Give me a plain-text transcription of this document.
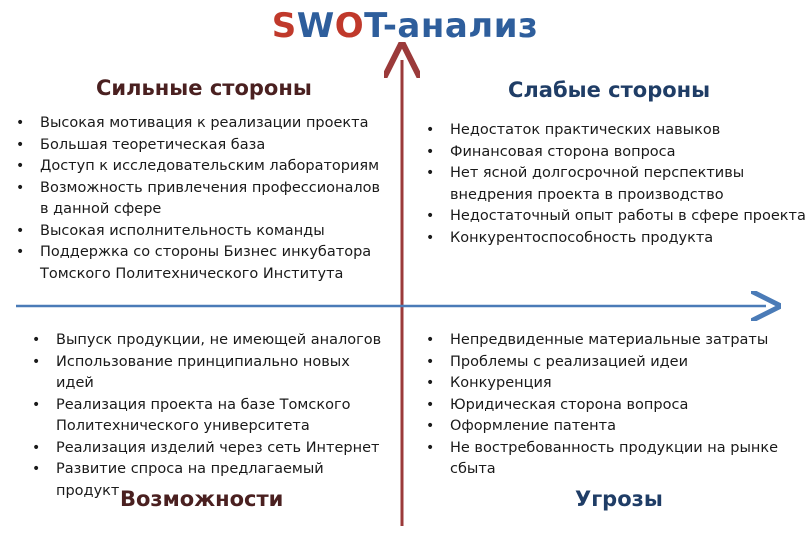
SWOT-анализ
Сильные стороны	Слабые стороны
Возможности	Угрозы
• Высокая мотивация к реализации проекта
• Большая теоретическая база
• Доступ к исследовательским лабораториям
• Возможность привлечения профессионалов в данной сфере
• Высокая исполнительность команды
• Поддержка со стороны Бизнес инкубатора Томского Политехнического Института
• Недостаток практических навыков
• Финансовая сторона вопроса
• Нет ясной долгосрочной перспективы внедрения проекта в производство
• Недостаточный опыт работы в сфере проекта
• Конкурентоспособность продукта
• Выпуск продукции, не имеющей аналогов
• Использование принципиально новых идей
• Реализация проекта на базе Томского Политехнического университета
• Реализация изделий через сеть Интернет
• Развитие спроса на предлагаемый продукт
• Непредвиденные материальные затраты
• Проблемы с реализацией идеи
• Конкуренция
• Юридическая сторона вопроса
• Оформление патента
• Не востребованность продукции на рынке сбыта
